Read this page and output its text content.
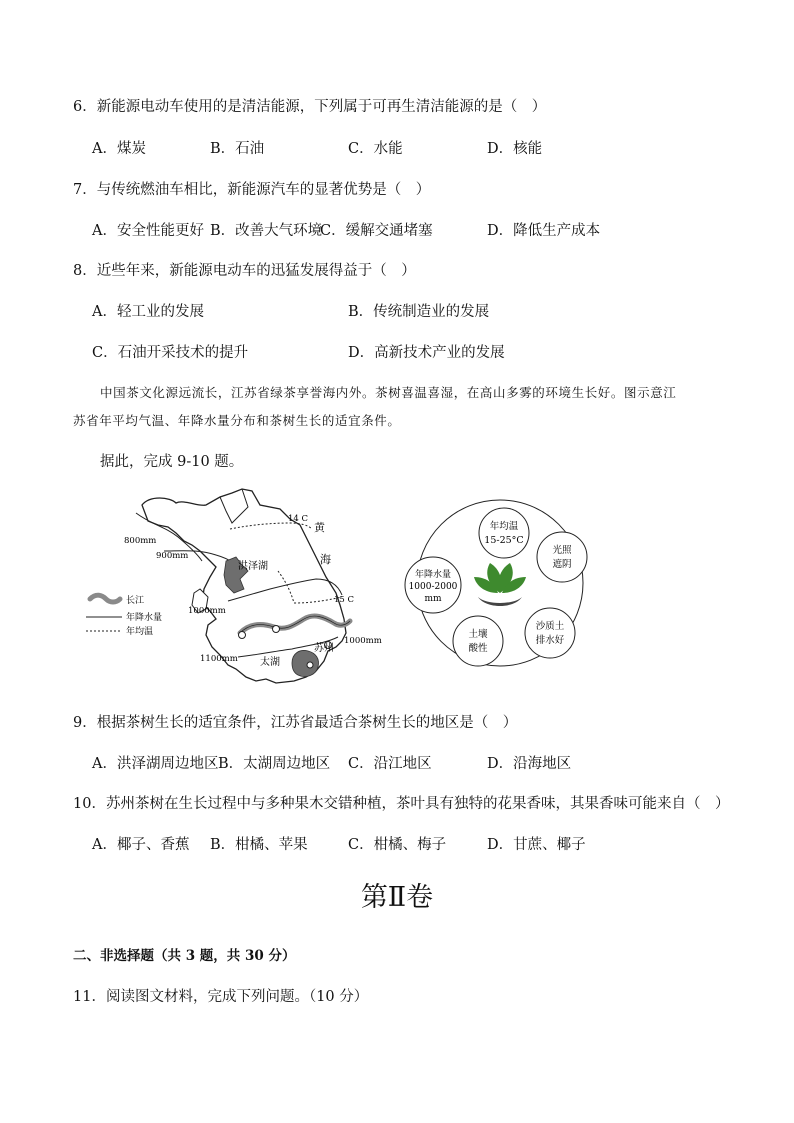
6．新能源电动车使用的是清洁能源，下列属于可再生清洁能源的是（　）
A．煤炭	B．石油	C．水能	D．核能
7．与传统燃油车相比，新能源汽车的显著优势是（　）
A．安全性能更好 B．改善大气环境
C．缓解交通堵塞	D．降低生产成本
8．近些年来，新能源电动车的迅猛发展得益于（　）
A．轻工业的发展	B．传统制造业的发展
C．石油开采技术的提升	D．高新技术产业的发展
中国茶文化源远流长，江苏省绿茶享誉海内外。茶树喜温喜湿，在高山多雾的环境生长好。图示意江
苏省年平均气温、年降水量分布和茶树生长的适宜条件。
据此，完成 9-10 题。
800mm
900mm
1000mm
1100mm
1000mm
14 C
15 C
黄
海
洪泽湖
太湖
苏州
长江
年降水量
年均温
年均温
15-25°C
光照
遮阴
沙质土
排水好
土壤
酸性
年降水量
1000-2000
mm
9．根据茶树生长的适宜条件，江苏省最适合茶树生长的地区是（　）
A．洪泽湖周边地区 B．太湖周边地区 C．沿江地区	D．沿海地区
10．苏州茶树在生长过程中与多种果木交错种植，茶叶具有独特的花果香味，其果香味可能来自（　）
A．椰子、香蕉 B．柑橘、苹果	C．柑橘、梅子	D．甘蔗、椰子
第Ⅱ卷
二、非选择题（共 3 题，共 30 分）
11．阅读图文材料，完成下列问题。（10 分）
